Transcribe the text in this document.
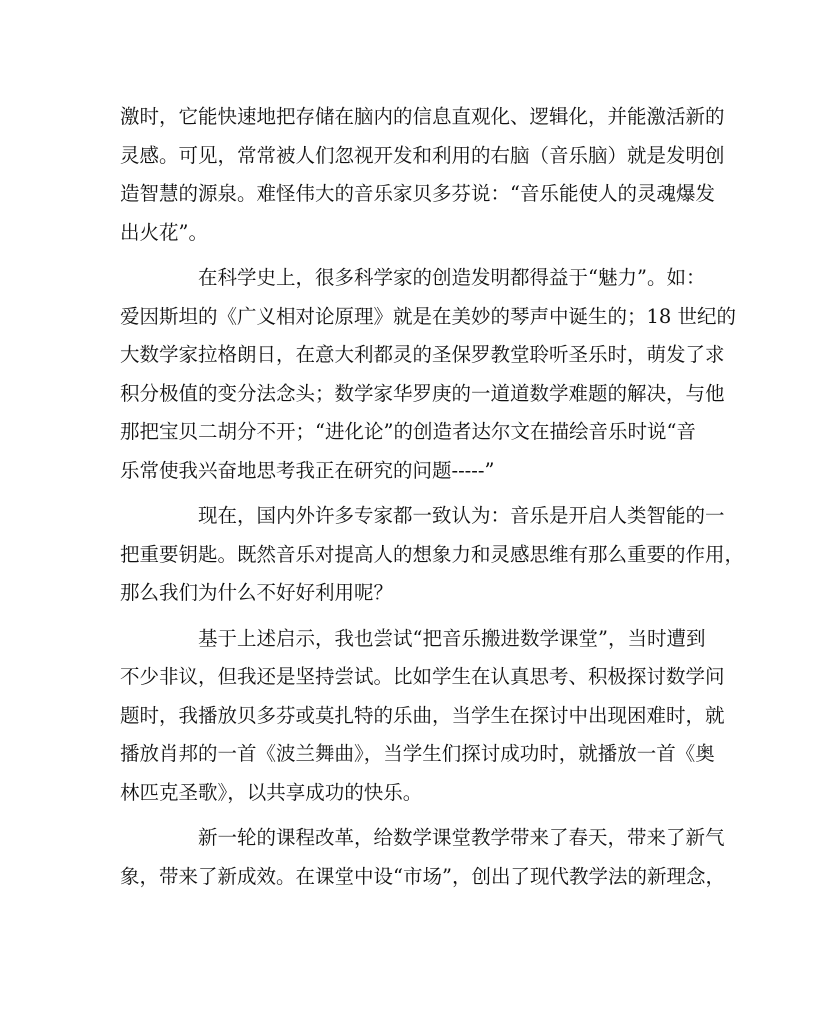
激时，它能快速地把存储在脑内的信息直观化、逻辑化，并能激活新的
灵感。可见，常常被人们忽视开发和利用的右脑（音乐脑）就是发明创
造智慧的源泉。难怪伟大的音乐家贝多芬说：“音乐能使人的灵魂爆发
出火花”。
在科学史上，很多科学家的创造发明都得益于“魅力”。如：
爱因斯坦的《广义相对论原理》就是在美妙的琴声中诞生的；18 世纪的
大数学家拉格朗日，在意大利都灵的圣保罗教堂聆听圣乐时，萌发了求
积分极值的变分法念头；数学家华罗庚的一道道数学难题的解决，与他
那把宝贝二胡分不开；“进化论”的创造者达尔文在描绘音乐时说“音
乐常使我兴奋地思考我正在研究的问题-----”
现在，国内外许多专家都一致认为：音乐是开启人类智能的一
把重要钥匙。既然音乐对提高人的想象力和灵感思维有那么重要的作用，
那么我们为什么不好好利用呢？
基于上述启示，我也尝试“把音乐搬进数学课堂”，当时遭到
不少非议，但我还是坚持尝试。比如学生在认真思考、积极探讨数学问
题时，我播放贝多芬或莫扎特的乐曲，当学生在探讨中出现困难时，就
播放肖邦的一首《波兰舞曲》，当学生们探讨成功时，就播放一首《奥
林匹克圣歌》，以共享成功的快乐。
新一轮的课程改革，给数学课堂教学带来了春天，带来了新气
象，带来了新成效。在课堂中设“市场”，创出了现代教学法的新理念，
